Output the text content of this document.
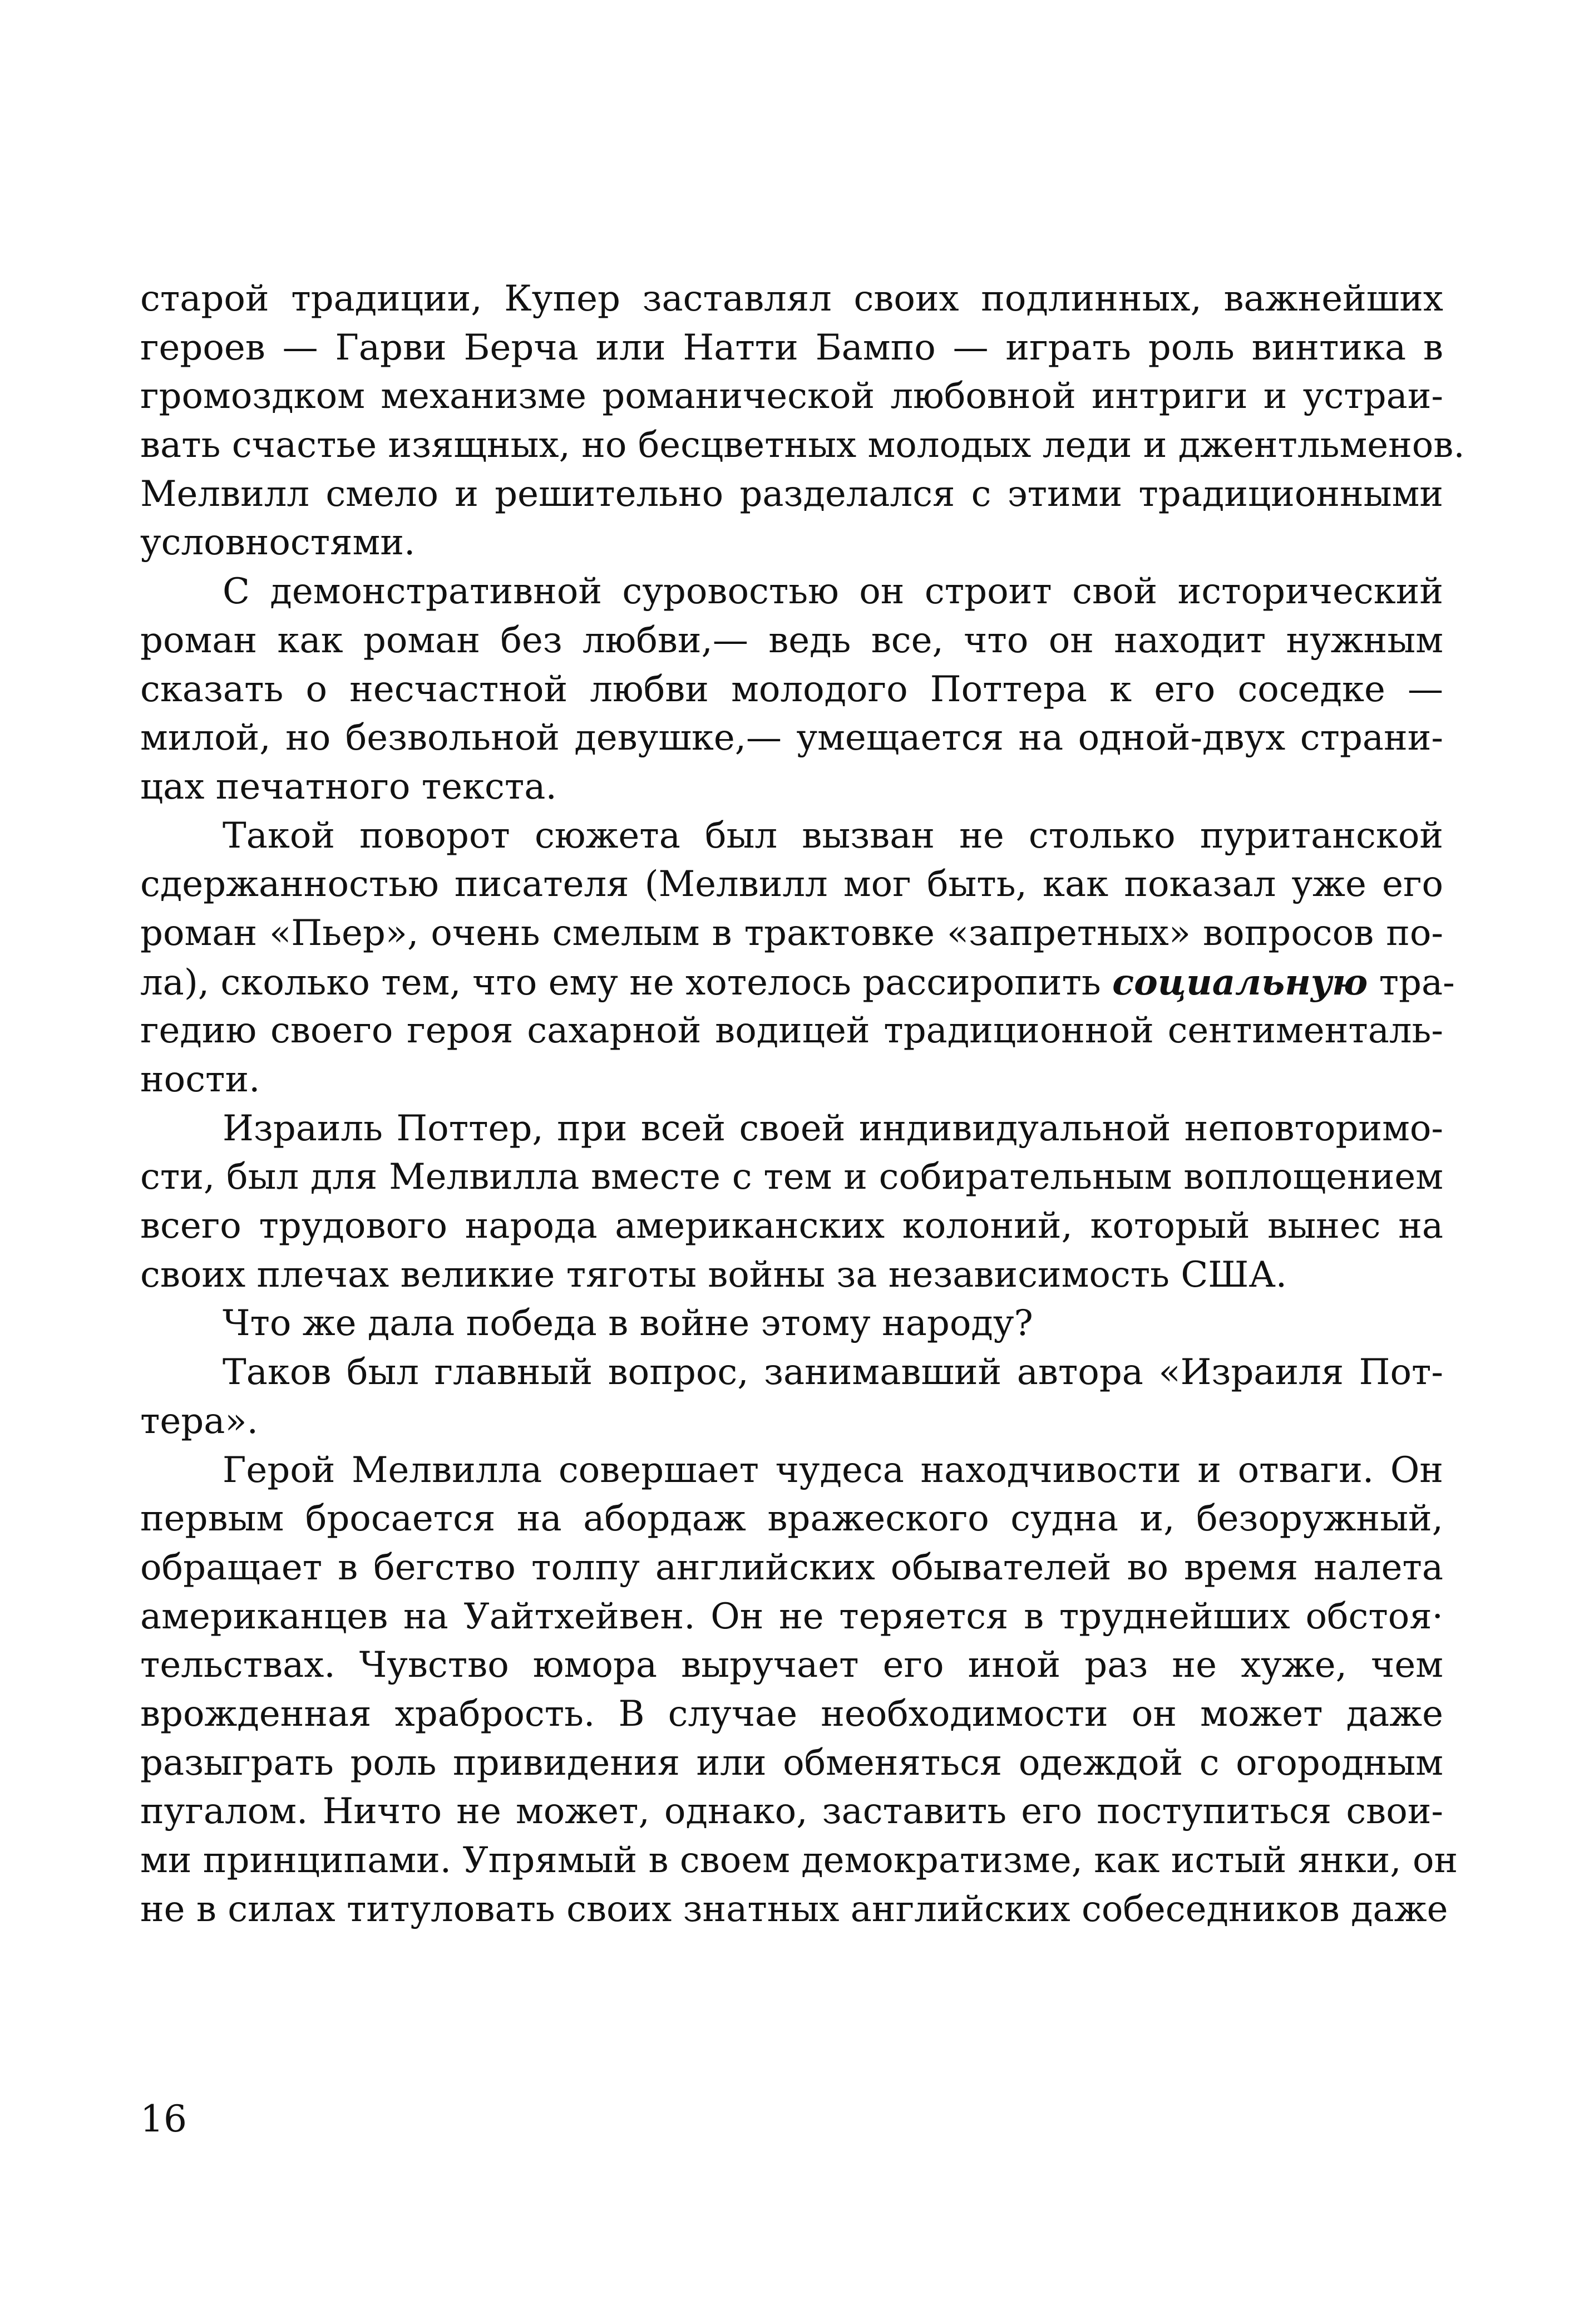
старой традиции, Купер заставлял своих подлинных, важнейших
героев — Гарви Берча или Натти Бампо — играть роль винтика в
громоздком механизме романической любовной интриги и устраи-
вать счастье изящных, но бесцветных молодых леди и джентльменов.
Мелвилл смело и решительно разделался с этими традиционными
условностями.
С демонстративной суровостью он строит свой исторический
роман как роман без любви,— ведь все, что он находит нужным
сказать о несчастной любви молодого Поттера к его соседке —
милой, но безвольной девушке,— умещается на одной-двух страни-
цах печатного текста.
Такой поворот сюжета был вызван не столько пуританской
сдержанностью писателя (Мелвилл мог быть, как показал уже его
роман «Пьер», очень смелым в трактовке «запретных» вопросов по-
ла), сколько тем, что ему не хотелось рассиропить социальную тра-
гедию своего героя сахарной водицей традиционной сентименталь-
ности.
Израиль Поттер, при всей своей индивидуальной неповторимо-
сти, был для Мелвилла вместе с тем и собирательным воплощением
всего трудового народа американских колоний, который вынес на
своих плечах великие тяготы войны за независимость США.
Что же дала победа в войне этому народу?
Таков был главный вопрос, занимавший автора «Израиля Пот-
тера».
Герой Мелвилла совершает чудеса находчивости и отваги. Он
первым бросается на абордаж вражеского судна и, безоружный,
обращает в бегство толпу английских обывателей во время налета
американцев на Уайтхейвен. Он не теряется в труднейших обстоя·
тельствах. Чувство юмора выручает его иной раз не хуже, чем
врожденная храбрость. В случае необходимости он может даже
разыграть роль привидения или обменяться одеждой с огородным
пугалом. Ничто не может, однако, заставить его поступиться свои-
ми принципами. Упрямый в своем демократизме, как истый янки, он
не в силах титуловать своих знатных английских собеседников даже
16
